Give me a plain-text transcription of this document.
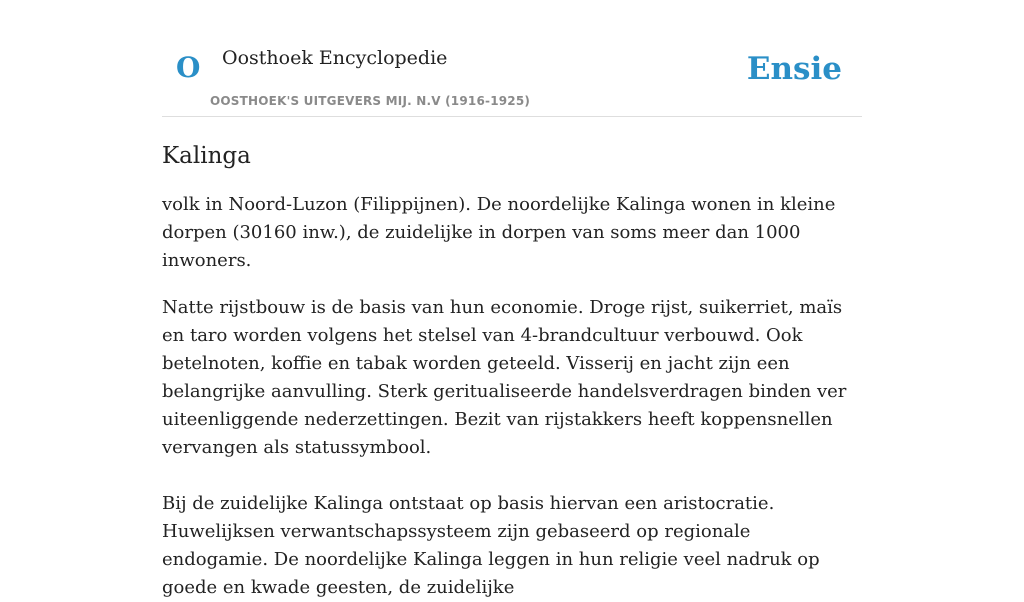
O Oosthoek Encyclopedie
OOSTHOEK'S UITGEVERS MIJ. N.V (1916-1925)
Ensie
Kalinga

volk in Noord-Luzon (Filippijnen). De noordelijke Kalinga wonen in kleine dorpen (30160 inw.), de zuidelijke in dorpen van soms meer dan 1000 inwoners.

Natte rijstbouw is de basis van hun economie. Droge rijst, suikerriet, maïs en taro worden volgens het stelsel van 4-brandcultuur verbouwd. Ook betelnoten, koffie en tabak worden geteeld. Visserij en jacht zijn een belangrijke aanvulling. Sterk geritualiseerde handelsverdragen binden ver uiteenliggende nederzettingen. Bezit van rijstakkers heeft koppensnellen vervangen als statussymbool.

Bij de zuidelijke Kalinga ontstaat op basis hiervan een aristocratie. Huwelijksen verwantschapssysteem zijn gebaseerd op regionale endogamie. De noordelijke Kalinga leggen in hun religie veel nadruk op goede en kwade geesten, de zuidelijke
